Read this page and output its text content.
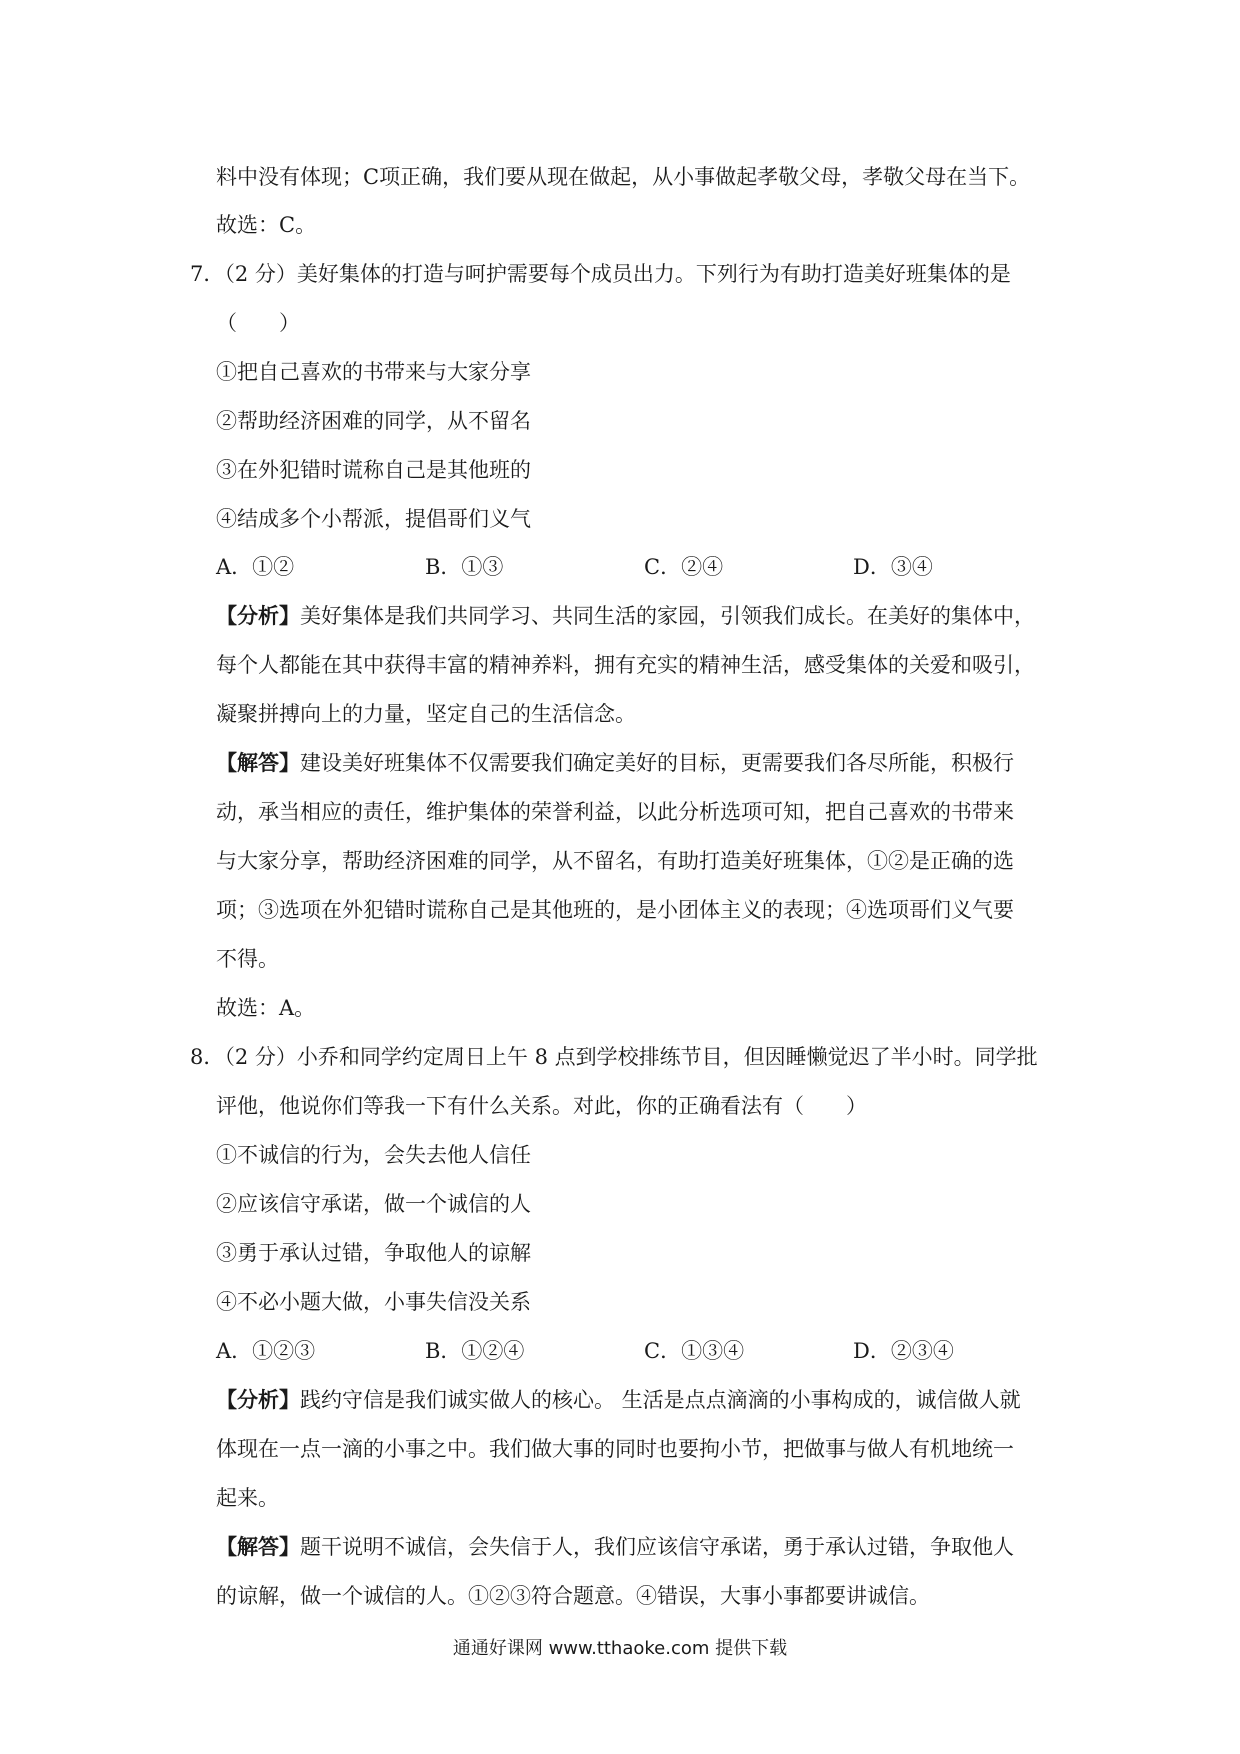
料中没有体现；C项正确，我们要从现在做起，从小事做起孝敬父母，孝敬父母在当下。
故选：C。
7．（2 分）美好集体的打造与呵护需要每个成员出力。下列行为有助打造美好班集体的是
（　　）
①把自己喜欢的书带来与大家分享
②帮助经济困难的同学，从不留名
③在外犯错时谎称自己是其他班的
④结成多个小帮派，提倡哥们义气
A．①②	B．①③	C．②④	D．③④
【分析】美好集体是我们共同学习、共同生活的家园，引领我们成长。在美好的集体中，
每个人都能在其中获得丰富的精神养料，拥有充实的精神生活，感受集体的关爱和吸引，
凝聚拼搏向上的力量，坚定自己的生活信念。
【解答】建设美好班集体不仅需要我们确定美好的目标，更需要我们各尽所能，积极行
动，承当相应的责任，维护集体的荣誉利益，以此分析选项可知，把自己喜欢的书带来
与大家分享，帮助经济困难的同学，从不留名，有助打造美好班集体，①②是正确的选
项；③选项在外犯错时谎称自己是其他班的，是小团体主义的表现；④选项哥们义气要
不得。
故选：A。
8．（2 分）小乔和同学约定周日上午 8 点到学校排练节目，但因睡懒觉迟了半小时。同学批
评他，他说你们等我一下有什么关系。对此，你的正确看法有（　　）
①不诚信的行为，会失去他人信任
②应该信守承诺，做一个诚信的人
③勇于承认过错，争取他人的谅解
④不必小题大做，小事失信没关系
A．①②③	B．①②④	C．①③④	D．②③④
【分析】践约守信是我们诚实做人的核心。 生活是点点滴滴的小事构成的，诚信做人就
体现在一点一滴的小事之中。我们做大事的同时也要拘小节，把做事与做人有机地统一
起来。
【解答】题干说明不诚信，会失信于人，我们应该信守承诺，勇于承认过错，争取他人
的谅解，做一个诚信的人。①②③符合题意。④错误，大事小事都要讲诚信。
通通好课网 www.tthaoke.com 提供下载
